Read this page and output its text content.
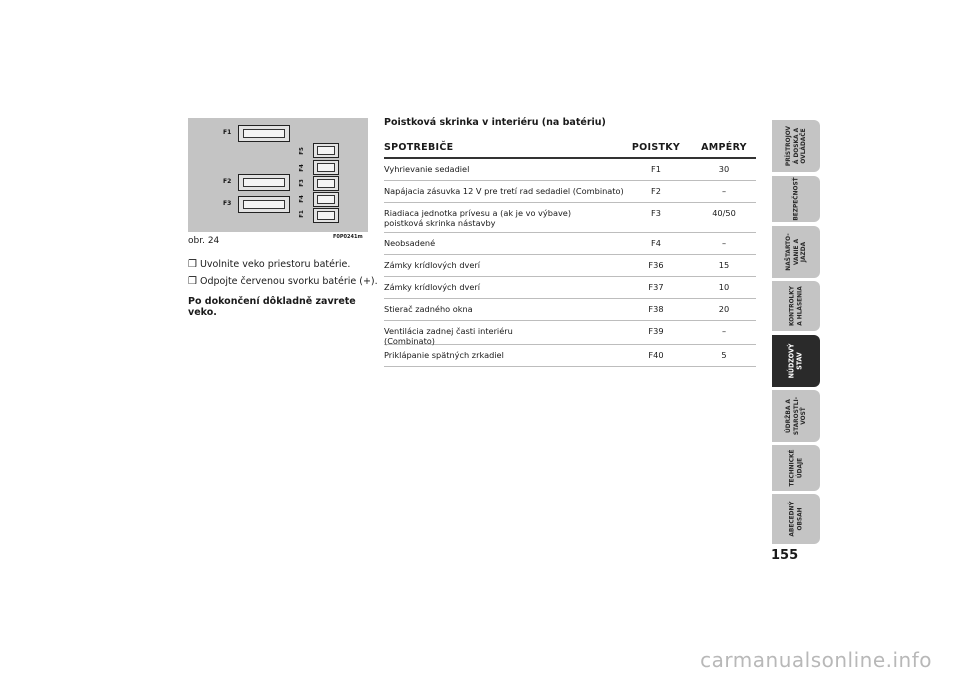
F1
F2
F3
F5
F4
F3
F4
F1
obr. 24	F0P0241m
❒ Uvolnite veko priestoru batérie.
❒ Odpojte červenou svorku batérie (+).
Po dokončení dôkladně zavrete veko.
Poistková skrinka v interiéru (na batériu)
SPOTREBIČE	POISTKY	AMPÉRY
Vyhrievanie sedadiel	F1	30
Napájacia zásuvka 12 V pre tretí rad sedadiel (Combinato)	F2	–
Riadiaca jednotka prívesu a (ak je vo výbave)
poistková skrinka nástavby
F3	40/50
Neobsadené	F4	–
Zámky krídlových dverí	F36	15
Zámky krídlových dverí	F37	10
Stierač zadného okna	F38	20
Ventilácia zadnej časti interiéru
(Combinato)
F39	–
Priklápanie spätných zrkadiel	F40	5
PRÍSTROJOV
Á DOSKA A
OVLÁDAČE
BEZPEČNOSŤ
NAŠTARTO-
VANIE A
JAZDA
KONTROLKY
A HLÁSENIA
NÚDZOVÝ
STAV
ÚDRŽBA A
STAROSTLI-
VOSŤ
TECHNICKÉ
ÚDAJE
ABECEDNÝ
OBSAH
155
carmanualsonline.info
